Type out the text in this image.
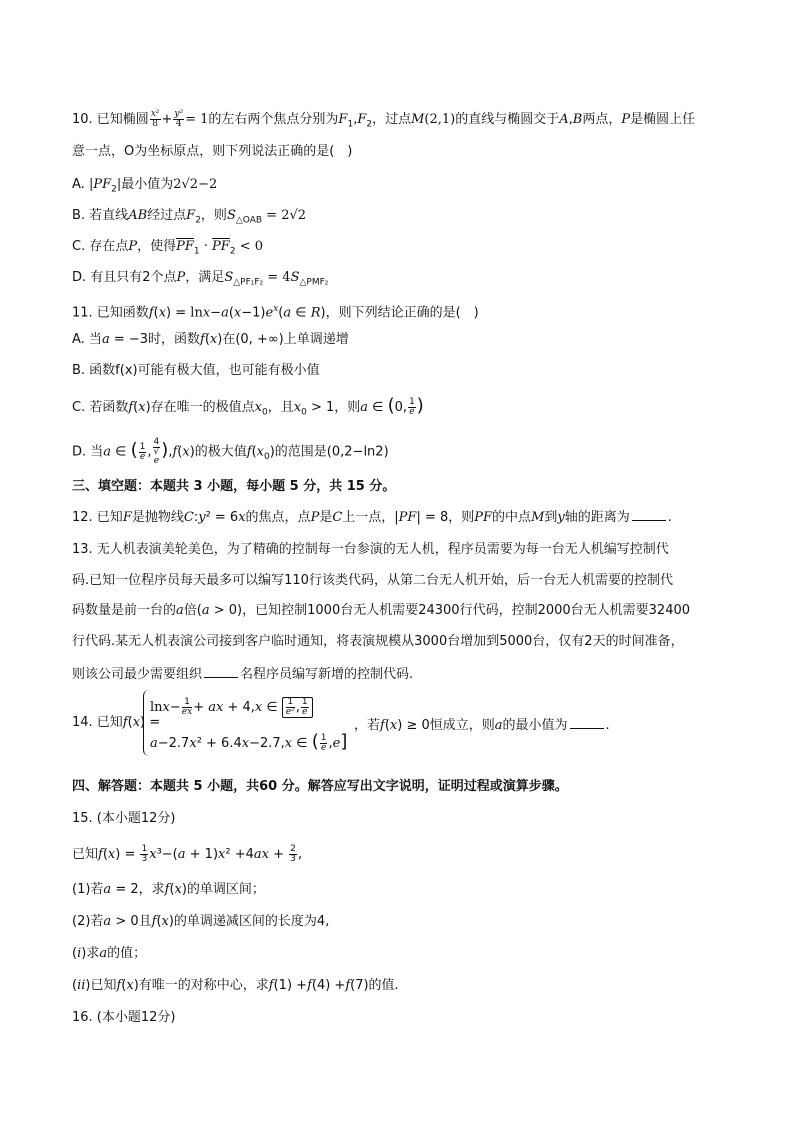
10. 已知椭圆 $\frac{\text{x²}}{8} + \frac{\text{y²}}{4} = 1$的左右两个焦点分别为$F_1,F_2$，过点M(2,1)的直线与椭圆交于A,B两点，P是椭圆上任
意一点，O为坐标原点，则下列说法正确的是(　)
A. $|PF_2|$最小值为2√2−2
B. 若直线AB经过点$F_2$，则$S_{\triangle OAB} = 2√2$
C. 存在点P，使得$PF_1 \cdot PF_2 < 0$
D. 有且只有2个点P，满足$S_{\triangle PF_1F_2} = 4S_{\triangle PMF_2}$
11. 已知函数$f(x) = \ln x-a(x-1)e^x(a$ ∈ R)，则下列结论正确的是(　)
A. 当a = −3时，函数f(x)在(0, +∞)上单调递增
B. 函数f(x)可能有极大值，也可能有极小值
C. 若函数f(x)存在唯一的极值点$x_0$，且$x_0 > 1$，则a ∈ (0, $\frac{1}{e}$ )
D. 当a ∈ ( $\frac{1}{e}$ , 4
√
e ),f(x)的极大值$f(x_0)$的范围是(0,2−ln2)
三、填空题：本题共 3 小题，每小题 5 分，共 15 分。
12. 已知F是抛物线C:y² = 6x的焦点，点P是C上一点，|PF| = 8，则PF的中点M到y轴的距离为	.
13. 无人机表演美轮美色，为了精确的控制每一台参演的无人机，程序员需要为每一台无人机编写控制代
码.已知一位程序员每天最多可以编写110行该类代码，从第二台无人机开始，后一台无人机需要的控制代
码数量是前一台的a倍(a > 0)，已知控制1000台无人机需要24300行代码，控制2000台无人机需要32400
行代码.某无人机表演公司接到客户临时通知，将表演规模从3000台增加到5000台，仅有2天的时间准备，
则该公司最少需要组织	名程序员编写新增的控制代码.
14. 已知f(x) =
$\ln x- \frac{1}{ex}$ + ax + 4,x ∈ $\frac{1}{\text{e²}}$ , $\frac{1}{e}$
a−2.7x² + 6.4x−2.7,x ∈ ( $\frac{1}{e} ,e$]
，若f(x) ≥ 0恒成立，则a的最小值为	.
四、解答题：本题共 5 小题，共60 分。解答应写出文字说明，证明过程或演算步骤。
15. (本小题12分)
已知$f(x) = \frac{1}{3} x^3-(a + 1)x^2 +4ax + \frac{2}{3}$ ,
(1)若a = 2，求f(x)的单调区间；
(2)若a > 0且f(x)的单调递减区间的长度为4,
(i)求a的值；
(ii)已知f(x)有唯一的对称中心，求f(1) +f(4) +f(7)的值.
16. (本小题12分)
